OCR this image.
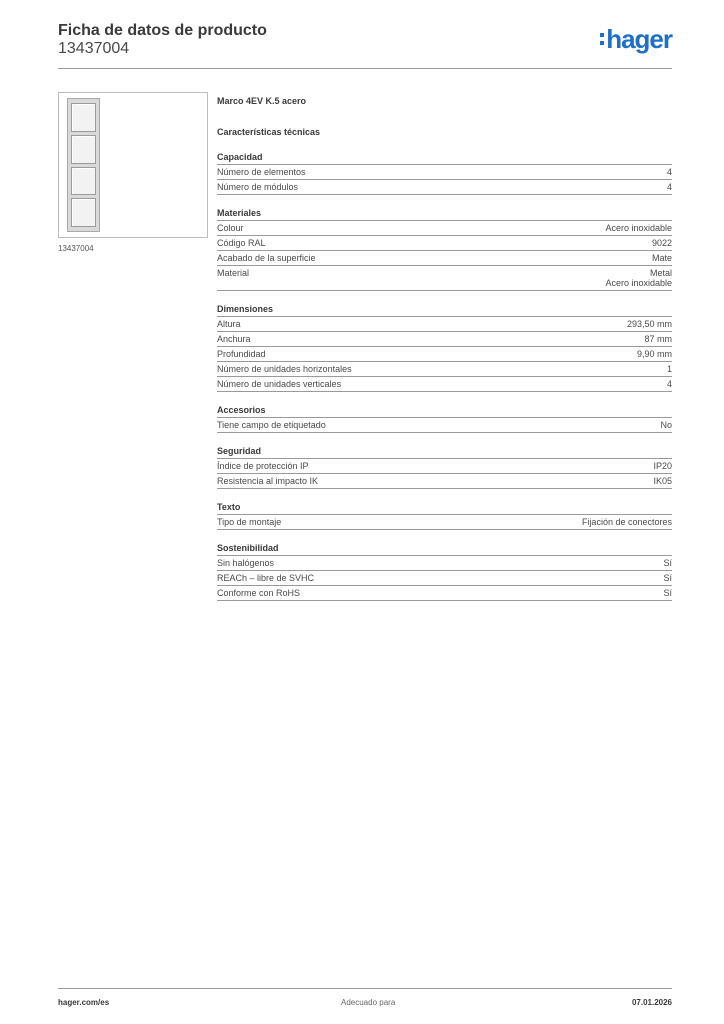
Ficha de datos de producto
13437004	hager
13437004
Marco 4EV K.5 acero
Características técnicas
Capacidad
Número de elementos	4
Número de módulos	4
Materiales
Colour	Acero inoxidable
Código RAL	9022
Acabado de la superficie	Mate
Material	Metal
Acero inoxidable
Dimensiones
Altura	293,50 mm
Anchura	87 mm
Profundidad	9,90 mm
Número de unidades horizontales	1
Número de unidades verticales	4
Accesorios
Tiene campo de etiquetado	No
Seguridad
Índice de protección IP	IP20
Resistencia al impacto IK	IK05
Texto
Tipo de montaje	Fijación de conectores
Sostenibilidad
Sin halógenos	Sí
REACh – libre de SVHC	Sí
Conforme con RoHS	Sí
hager.com/es	Adecuado para	07.01.2026
